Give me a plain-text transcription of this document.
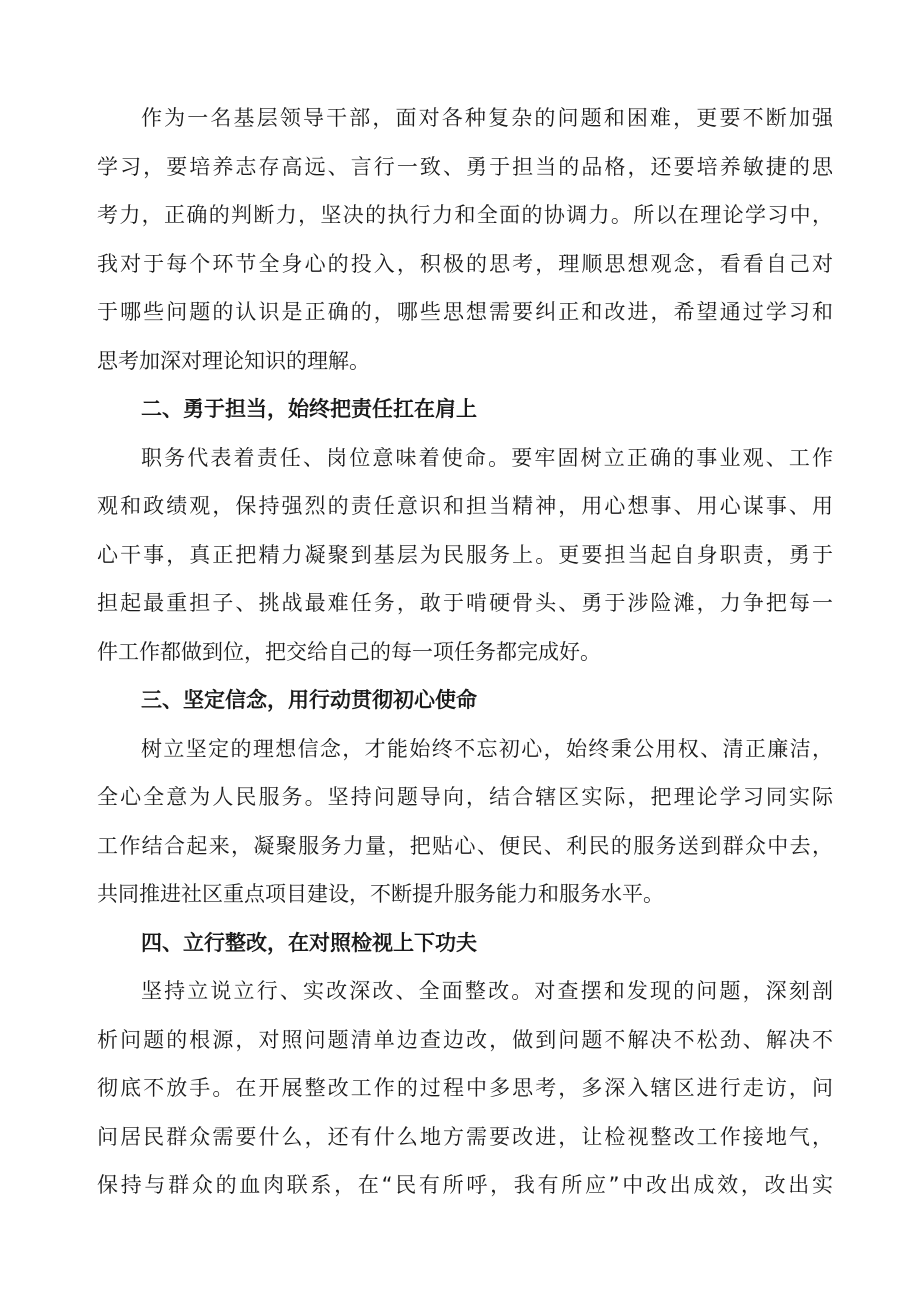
作为一名基层领导干部，面对各种复杂的问题和困难，更要不断加强
学习，要培养志存高远、言行一致、勇于担当的品格，还要培养敏捷的思
考力，正确的判断力，坚决的执行力和全面的协调力。所以在理论学习中，
我对于每个环节全身心的投入，积极的思考，理顺思想观念，看看自己对
于哪些问题的认识是正确的，哪些思想需要纠正和改进，希望通过学习和
思考加深对理论知识的理解。
二、勇于担当，始终把责任扛在肩上
职务代表着责任、岗位意味着使命。要牢固树立正确的事业观、工作
观和政绩观，保持强烈的责任意识和担当精神，用心想事、用心谋事、用
心干事，真正把精力凝聚到基层为民服务上。更要担当起自身职责，勇于
担起最重担子、挑战最难任务，敢于啃硬骨头、勇于涉险滩，力争把每一
件工作都做到位，把交给自己的每一项任务都完成好。
三、坚定信念，用行动贯彻初心使命
树立坚定的理想信念，才能始终不忘初心，始终秉公用权、清正廉洁，
全心全意为人民服务。坚持问题导向，结合辖区实际，把理论学习同实际
工作结合起来，凝聚服务力量，把贴心、便民、利民的服务送到群众中去，
共同推进社区重点项目建设，不断提升服务能力和服务水平。
四、立行整改，在对照检视上下功夫
坚持立说立行、实改深改、全面整改。对查摆和发现的问题，深刻剖
析问题的根源，对照问题清单边查边改，做到问题不解决不松劲、解决不
彻底不放手。在开展整改工作的过程中多思考，多深入辖区进行走访，问
问居民群众需要什么，还有什么地方需要改进，让检视整改工作接地气，
保持与群众的血肉联系，在“民有所呼，我有所应”中改出成效，改出实
